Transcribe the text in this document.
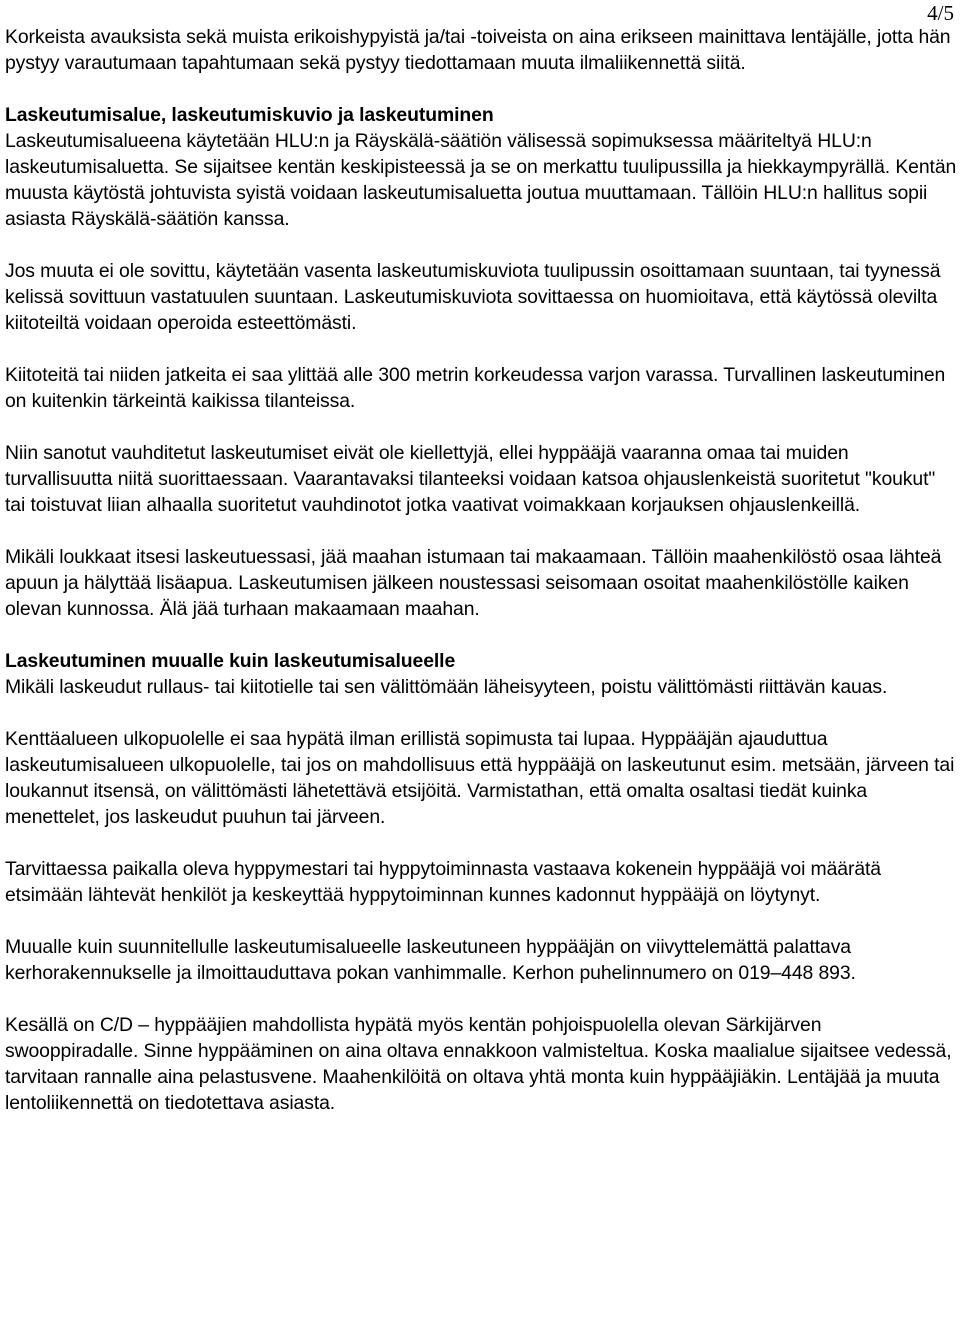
4/5

Korkeista avauksista sekä muista erikoishypyistä ja/tai -toiveista on aina erikseen mainittava lentäjälle, jotta hän pystyy varautumaan tapahtumaan sekä pystyy tiedottamaan muuta ilmaliikennettä siitä.

Laskeutumisalue, laskeutumiskuvio ja laskeutuminen
Laskeutumisalueena käytetään HLU:n ja Räyskälä-säätiön välisessä sopimuksessa määriteltyä HLU:n laskeutumisaluetta. Se sijaitsee kentän keskipisteessä ja se on merkattu tuulipussilla ja hiekkaympyrällä. Kentän muusta käytöstä johtuvista syistä voidaan laskeutumisaluetta joutua muuttamaan. Tällöin HLU:n hallitus sopii asiasta Räyskälä-säätiön kanssa.

Jos muuta ei ole sovittu, käytetään vasenta laskeutumiskuviota tuulipussin osoittamaan suuntaan, tai tyynessä kelissä sovittuun vastatuulen suuntaan. Laskeutumiskuviota sovittaessa on huomioitava, että käytössä olevilta kiitoteiltä voidaan operoida esteettömästi.

Kiitoteitä tai niiden jatkeita ei saa ylittää alle 300 metrin korkeudessa varjon varassa. Turvallinen laskeutuminen on kuitenkin tärkeintä kaikissa tilanteissa.

Niin sanotut vauhditetut laskeutumiset eivät ole kiellettyjä, ellei hyppääjä vaaranna omaa tai muiden turvallisuutta niitä suorittaessaan. Vaarantavaksi tilanteeksi voidaan katsoa ohjauslenkeistä suoritetut "koukut" tai toistuvat liian alhaalla suoritetut vauhdinotot jotka vaativat voimakkaan korjauksen ohjauslenkeillä.

Mikäli loukkaat itsesi laskeutuessasi, jää maahan istumaan tai makaamaan. Tällöin maahenkilöstö osaa lähteä apuun ja hälyttää lisäapua. Laskeutumisen jälkeen noustessasi seisomaan osoitat maahenkilöstölle kaiken olevan kunnossa. Älä jää turhaan makaamaan maahan.

Laskeutuminen muualle kuin laskeutumisalueelle
Mikäli laskeudut rullaus- tai kiitotielle tai sen välittömään läheisyyteen, poistu välittömästi riittävän kauas.

Kenttäalueen ulkopuolelle ei saa hypätä ilman erillistä sopimusta tai lupaa. Hyppääjän ajauduttua laskeutumisalueen ulkopuolelle, tai jos on mahdollisuus että hyppääjä on laskeutunut esim. metsään, järveen tai loukannut itsensä, on välittömästi lähetettävä etsijöitä. Varmistathan, että omalta osaltasi tiedät kuinka menettelet, jos laskeudut puuhun tai järveen.

Tarvittaessa paikalla oleva hyppymestari tai hyppytoiminnasta vastaava kokenein hyppääjä voi määrätä etsimään lähtevät henkilöt ja keskeyttää hyppytoiminnan kunnes kadonnut hyppääjä on löytynyt.

Muualle kuin suunnitellulle laskeutumisalueelle laskeutuneen hyppääjän on viivyttelemättä palattava kerhorakennukselle ja ilmoittauduttava pokan vanhimmalle. Kerhon puhelinnumero on 019–448 893.

Kesällä on C/D – hyppääjien mahdollista hypätä myös kentän pohjoispuolella olevan Särkijärven swooppiradalle. Sinne hyppääminen on aina oltava ennakkoon valmisteltua. Koska maalialue sijaitsee vedessä, tarvitaan rannalle aina pelastusvene. Maahenkilöitä on oltava yhtä monta kuin hyppääjiäkin. Lentäjää ja muuta lentoliikennettä on tiedotettava asiasta.
